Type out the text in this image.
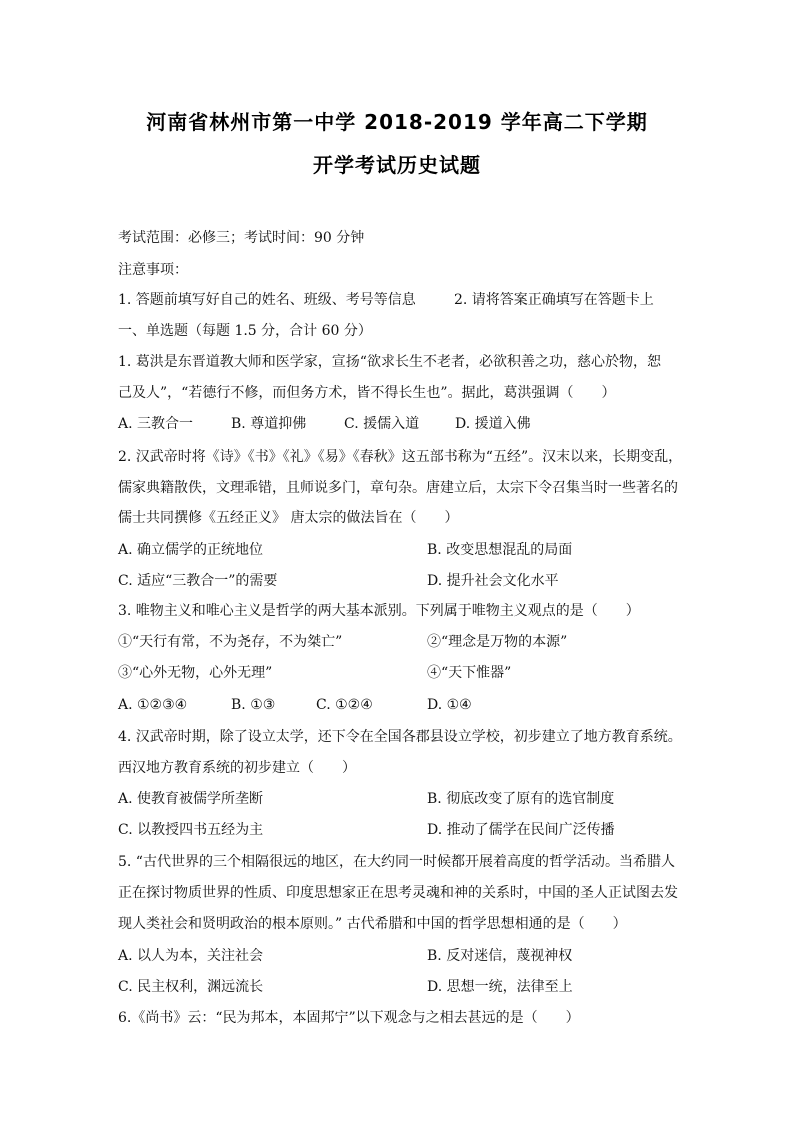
河南省林州市第一中学 2018-2019 学年高二下学期
开学考试历史试题
考试范围：必修三；考试时间：90 分钟
注意事项：
1. 答题前填写好自己的姓名、班级、考号等信息	2. 请将答案正确填写在答题卡上
一、单选题（每题 1.5 分，合计 60 分）
1. 葛洪是东晋道教大师和医学家，宣扬“欲求长生不老者，必欲积善之功，慈心於物，恕
己及人”，“若德行不修，而但务方术，皆不得长生也”。据此，葛洪强调（　　）
A. 三教合一	B. 尊道抑佛	C. 援儒入道	D. 援道入佛
2. 汉武帝时将《诗》《书》《礼》《易》《春秋》这五部书称为“五经”。汉末以来，长期变乱，
儒家典籍散佚，文理乖错，且师说多门，章句杂。唐建立后，太宗下令召集当时一些著名的
儒士共同撰修《五经正义》 唐太宗的做法旨在（　　）
A. 确立儒学的正统地位	B. 改变思想混乱的局面
C. 适应“三教合一”的需要	D. 提升社会文化水平
3. 唯物主义和唯心主义是哲学的两大基本派别。下列属于唯物主义观点的是（　　）
①“天行有常，不为尧存，不为桀亡”	②“理念是万物的本源”
③“心外无物，心外无理”	④“天下惟器”
A. ①②③④	B. ①③	C. ①②④	D. ①④
4. 汉武帝时期，除了设立太学，还下令在全国各郡县设立学校，初步建立了地方教育系统。
西汉地方教育系统的初步建立（　　）
A. 使教育被儒学所垄断	B. 彻底改变了原有的选官制度
C. 以教授四书五经为主	D. 推动了儒学在民间广泛传播
5. “古代世界的三个相隔很远的地区，在大约同一时候都开展着高度的哲学活动。当希腊人
正在探讨物质世界的性质、印度思想家正在思考灵魂和神的关系时，中国的圣人正试图去发
现人类社会和贤明政治的根本原则。” 古代希腊和中国的哲学思想相通的是（　　）
A. 以人为本，关注社会	B. 反对迷信，蔑视神权
C. 民主权利，渊远流长	D. 思想一统，法律至上
6.《尚书》云：“民为邦本，本固邦宁”以下观念与之相去甚远的是（　　）
